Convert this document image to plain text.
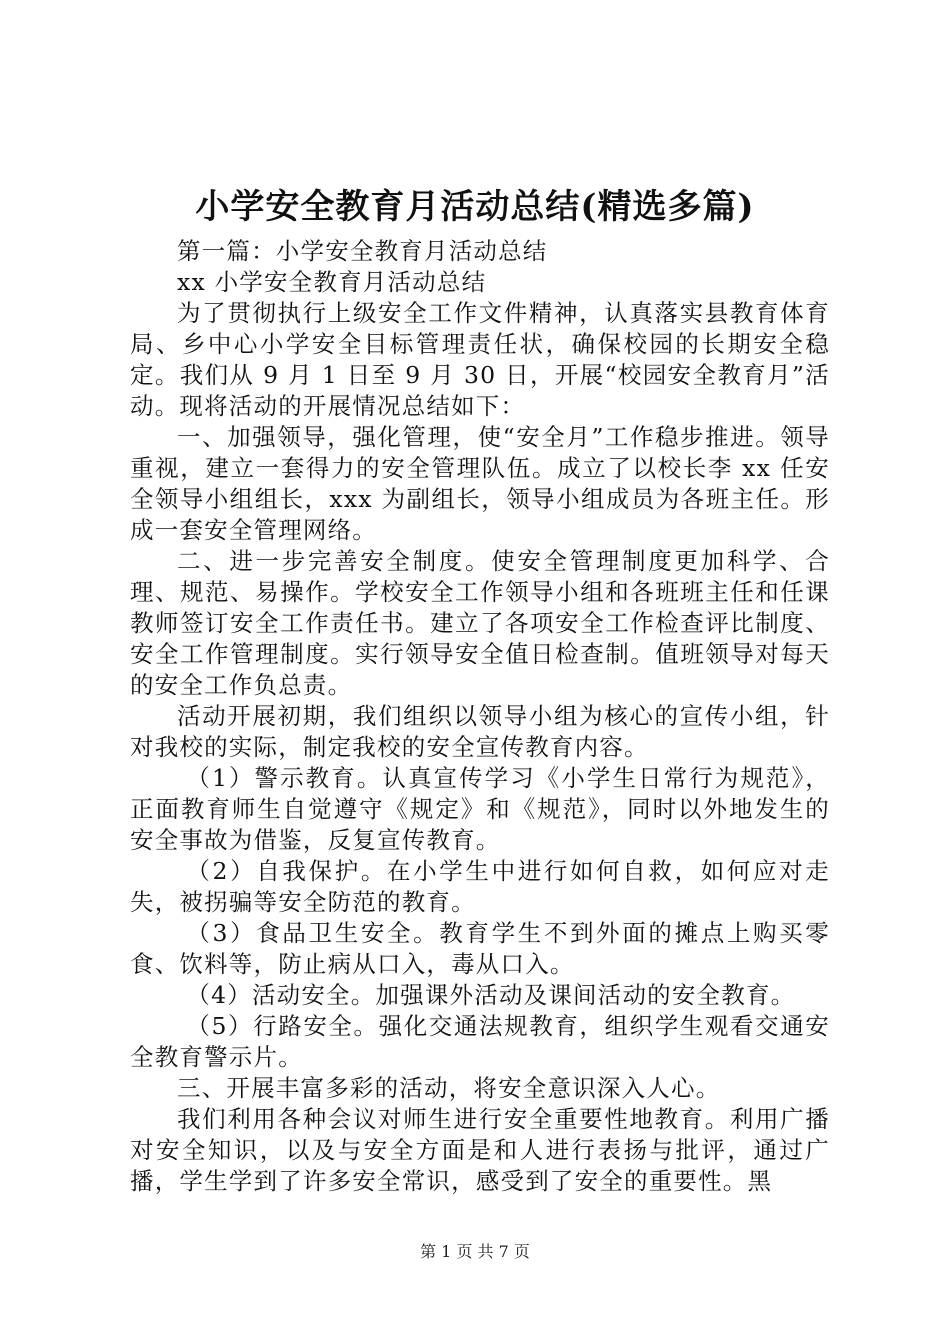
小学安全教育月活动总结(精选多篇)

第一篇：小学安全教育月活动总结

xx 小学安全教育月活动总结

为了贯彻执行上级安全工作文件精神，认真落实县教育体育局、乡中心小学安全目标管理责任状，确保校园的长期安全稳定。我们从 9 月 1 日至 9 月 30 日，开展“校园安全教育月”活动。现将活动的开展情况总结如下：

一、加强领导，强化管理，使“安全月”工作稳步推进。领导重视，建立一套得力的安全管理队伍。成立了以校长李 xx 任安全领导小组组长，xxx 为副组长，领导小组成员为各班主任。形成一套安全管理网络。

二、进一步完善安全制度。使安全管理制度更加科学、合理、规范、易操作。学校安全工作领导小组和各班班主任和任课教师签订安全工作责任书。建立了各项安全工作检查评比制度、安全工作管理制度。实行领导安全值日检查制。值班领导对每天的安全工作负总责。

活动开展初期，我们组织以领导小组为核心的宣传小组，针对我校的实际，制定我校的安全宣传教育内容。

（1）警示教育。认真宣传学习《小学生日常行为规范》，正面教育师生自觉遵守《规定》和《规范》，同时以外地发生的安全事故为借鉴，反复宣传教育。

（2）自我保护。在小学生中进行如何自救，如何应对走失，被拐骗等安全防范的教育。

（3）食品卫生安全。教育学生不到外面的摊点上购买零食、饮料等，防止病从口入，毒从口入。

（4）活动安全。加强课外活动及课间活动的安全教育。

（5）行路安全。强化交通法规教育，组织学生观看交通安全教育警示片。

三、开展丰富多彩的活动，将安全意识深入人心。

我们利用各种会议对师生进行安全重要性地教育。利用广播对安全知识，以及与安全方面是和人进行表扬与批评，通过广播，学生学到了许多安全常识，感受到了安全的重要性。黑

第 1 页 共 7 页
